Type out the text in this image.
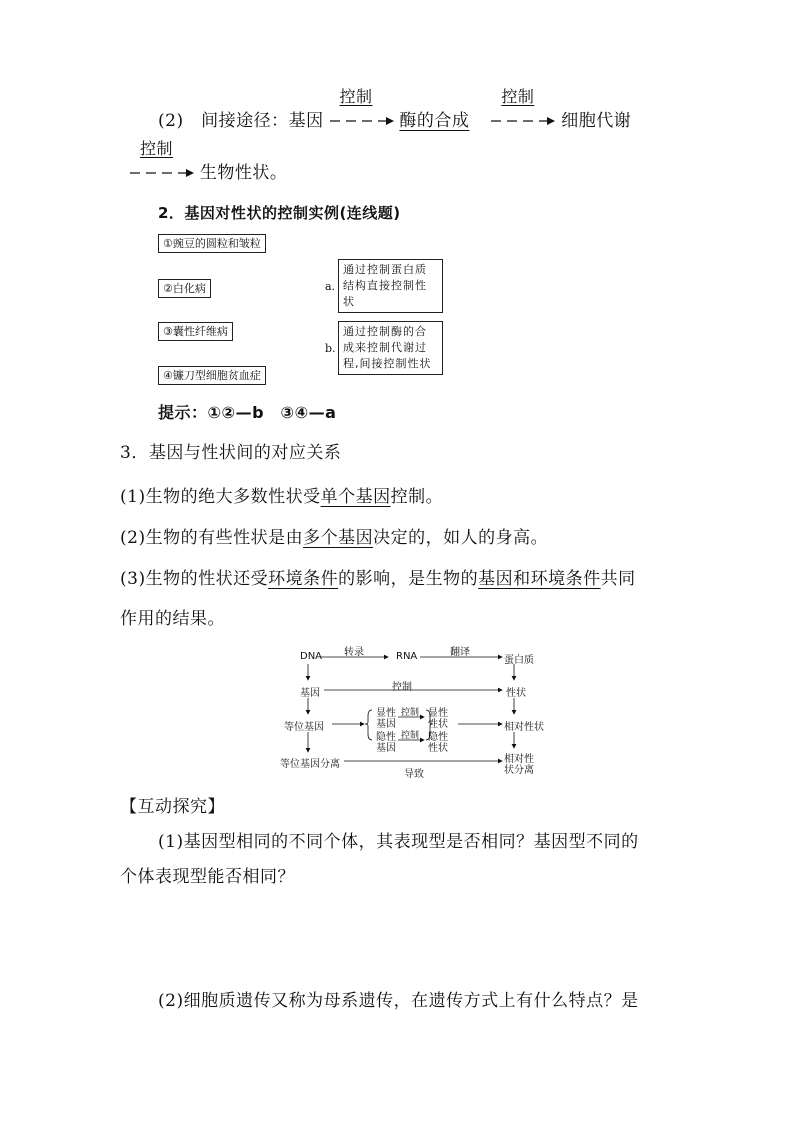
(2)　间接途径：基因
控制
酶的合成
控制
细胞代谢
控制
生物性状。
2．基因对性状的控制实例(连线题)
①豌豆的圆粒和皱粒
②白化病
③囊性纤维病
④镰刀型细胞贫血症
a.
通过控制蛋白质结构直接控制性状
b.
通过控制酶的合成来控制代谢过程,间接控制性状
提示：①②—b　③④—a
3．基因与性状间的对应关系
(1)生物的绝大多数性状受单个基因控制。
(2)生物的有些性状是由多个基因决定的，如人的身高。
(3)生物的性状还受环境条件的影响，是生物的基因和环境条件共同
作用的结果。
DNA 转录	RNA	翻译
蛋白质
基因
控制
性状
等位基因
显性
基因
控制 显性
性状
隐性
基因
控制 隐性
性状
相对性状
等位基因分离
导致
相对性
状分离
【互动探究】
(1)基因型相同的不同个体，其表现型是否相同？基因型不同的
个体表现型能否相同？
(2)细胞质遗传又称为母系遗传，在遗传方式上有什么特点？是
